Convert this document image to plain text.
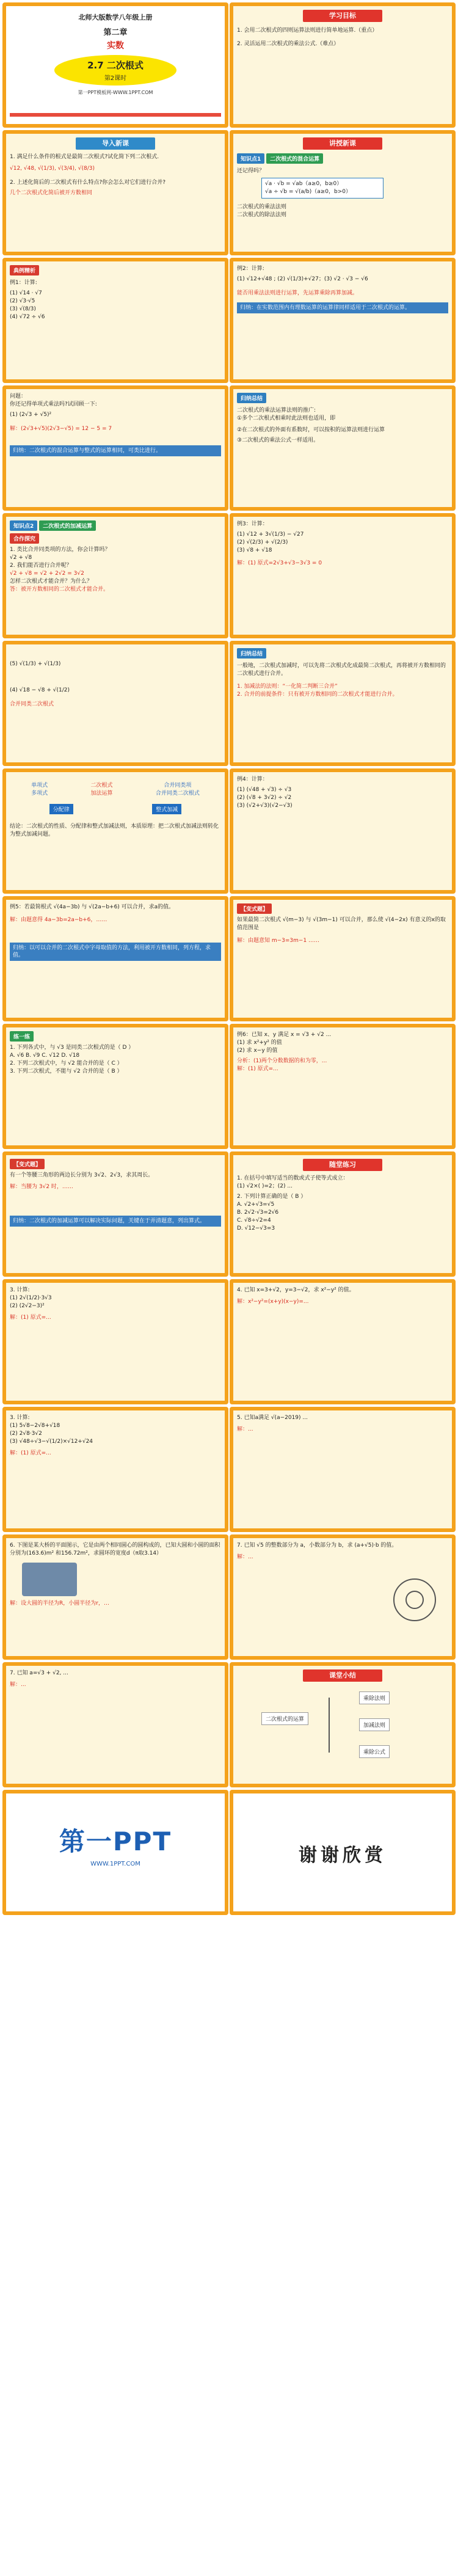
北师大版数学八年级上册
第二章
实数
2.7 二次根式
第2课时
第一PPT模板网-WWW.1PPT.COM
学习目标
1. 会用二次根式的四则运算法则进行简单地运算.（重点）
2. 灵活运用二次根式的乘法公式.（难点）
导入新课
1. 满足什么条件的根式是最简二次根式?试化简下列二次根式.
√12, √48, √(1/3), √(3/4), √(8/3)
2. 上述化简后的二次根式有什么特点?你会怎么对它们进行合并?
几个二次根式化简后被开方数相同
讲授新课
知识点1 二次根式的混合运算
还记得吗？
√a · √b = √ab（a≥0，b≥0）
√a ÷ √b = √(a/b)（a≥0，b>0）
二次根式的乘法法则
二次根式的除法法则
典例精析
例1：计算:
(1) √14 · √7
(2) √3·√5
(3) √(8/3)
(4) √72 ÷ √6
例2：计算:
(1) √12+√48 ; (2) √(1/3)+√27；(3) √2 · √3 − √6
能否用乘法法则进行运算，先运算乘除再算加减。
归纳：在实数范围内有理数运算的运算律同样适用于二次根式的运算。
问题：
你还记得单项式乘法吗?试回顾一下:
(1) (2√3 + √5)²
解：(2√3+√5)(2√3−√5) = 12 − 5 = 7
归纳：二次根式的混合运算与整式的运算相同，可类比进行。
归纳总结
二次根式的乘法运算法则的推广:
①多个二次根式相乘时此法则也适用，即
②在二次根式的外面有系数时，可以按积的运算法则进行运算
③二次根式的乘法公式一样适用。
知识点2 二次根式的加减运算
合作探究
1. 类比合并同类项的方法，你会计算吗？
√2 + √8
2. 我们能否进行合并呢？
√2 + √8 = √2 + 2√2 = 3√2
怎样二次根式才能合并？为什么？
答：被开方数相同的二次根式才能合并。
例3：计算：
(1) √12 + 3√(1/3) − √27
(2) √(2/3) + √(2/3)
(3) √8 + √18
解：(1) 原式=2√3+√3−3√3 = 0
(5) √(1/3) + √(1/3)
(4) √18 − √8 + √(1/2)
合并同类二次根式
归纳总结
一般地，二次根式加减时，可以先将二次根式化成最简二次根式，再将被开方数相同的二次根式进行合并。
1. 加减法的法则：“一化简二判断三合并”
2. 合并的前提条件：只有被开方数相同的二次根式才能进行合并。
单项式
多项式
二次根式
加法运算
合并同类项
合并同类二次根式
分配律	整式加减
结论：二次根式的性质、分配律和整式加减法则，本质原理：把二次根式加减法则转化为整式加减问题。
例4：计算：
(1) (√48 + √3) ÷ √3
(2) (√8 + 3√2) ÷ √2
(3) (√2+√3)(√2−√3)
例5：若最简根式 √(4a−3b) 与 √(2a−b+6) 可以合并，求a的值。
解：由题意得 4a−3b=2a−b+6，……
归纳：以可以合并的二次根式中字母取值的方法，利用被开方数相同，列方程，求值。
【变式题】
如果最简二次根式 √(m−3) 与 √(3m−1) 可以合并，那么使 √(4−2x) 有意义的x的取值范围是
解：由题意知 m−3=3m−1 ……
练一练
1. 下列各式中，与 √3 是同类二次根式的是（ D ）
A. √6 B. √9 C. √12 D. √18
2. 下列二次根式中，与 √2 能合并的是（ C ）
3. 下列二次根式，不能与 √2 合并的是（ B ）
例6：已知 x、y 满足 x = √3 + √2 ...
(1) 求 x²+y² 的值
(2) 求 x−y 的值
分析：(1)两个分数数据的和为零，...
解：(1) 原式=...
【变式题】
有一个等腰三角形的两边长分别为 3√2、2√3，求其周长。
解：当腰为 3√2 时，……
归纳：二次根式的加减运算可以解决实际问题，关键在于弄清题意，列出算式。
随堂练习
1. 在括号中填写适当的数或式子使等式成立：
(1) √2×( )=2；(2) ...
2. 下列计算正确的是（ B ）
A. √2+√3=√5
B. 2√2·√3=2√6
C. √8÷√2=4
D. √12−√3=3
3. 计算:
(1) 2√(1/2)·3√3
(2) (2√2−3)²
解：(1) 原式=...
4. 已知 x=3+√2，y=3−√2，求 x²−y² 的值。
解：x²−y²=(x+y)(x−y)=...
3. 计算:
(1) 5√8−2√8+√18
(2) 2√8·3√2
(3) √48÷√3−√(1/2)×√12+√24
解：(1) 原式=...
5. 已知a满足 √(a−2019) ...
解：...
6. 下图是某大桥的平面图示，它是由两个相同圆心的圆构成的，已知大圆和小圆的面积分别为(163.6)m² 和156.72m²，求圆环的宽度d（π取3.14）
解：设大圆的半径为R，小圆半径为r，…
7. 已知 √5 的整数部分为 a，小数部分为 b，求 (a+√5)·b 的值。
解：...
7. 已知 a=√3 + √2, ...
解：...
课堂小结
二次根式的运算
乘除法则
加减法则
乘除公式
第一PPT
WWW.1PPT.COM	谢谢欣赏
